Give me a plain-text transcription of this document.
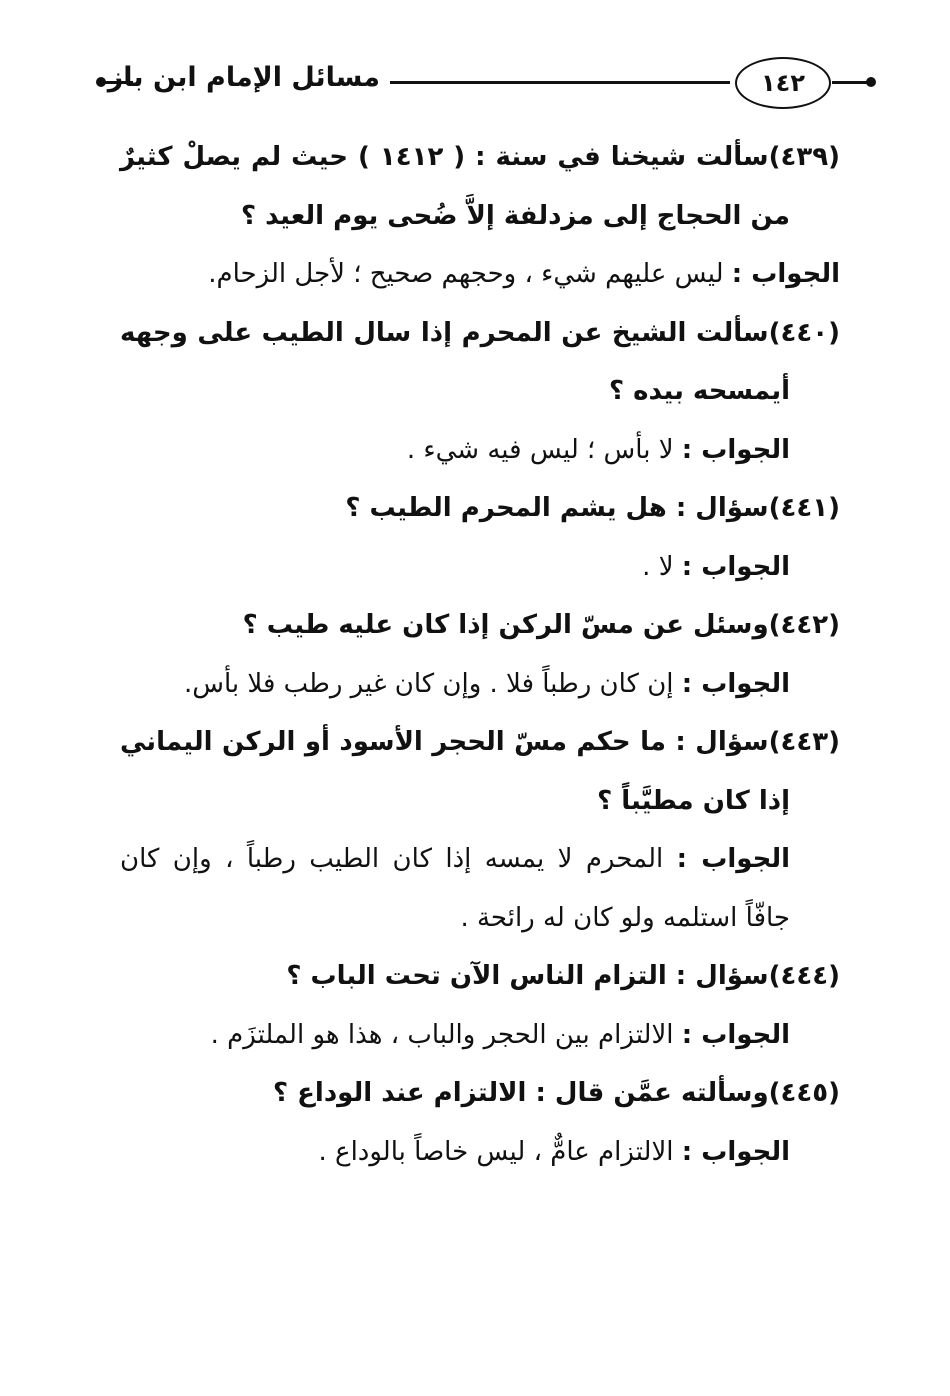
مسائل الإمام ابن باز	١٤٢
(٤٣٩)سألت شيخنا في سنة : ( ١٤١٢ ) حيث لم يصلْ كثيرٌ
من الحجاج إلى مزدلفة إلاَّ ضُحى يوم العيد ؟
الجواب : ليس عليهم شيء ، وحجهم صحيح ؛ لأجل الزحام.
(٤٤٠)سألت الشيخ عن المحرم إذا سال الطيب على وجهه
أيمسحه بيده ؟
الجواب : لا بأس ؛ ليس فيه شيء .
(٤٤١)سؤال : هل يشم المحرم الطيب ؟
الجواب : لا .
(٤٤٢)وسئل عن مسّ الركن إذا كان عليه طيب ؟
الجواب : إن كان رطباً فلا . وإن كان غير رطب فلا بأس.
(٤٤٣)سؤال : ما حكم مسّ الحجر الأسود أو الركن اليماني
إذا كان مطيَّباً ؟
الجواب : المحرم لا يمسه إذا كان الطيب رطباً ، وإن كان
جافّاً استلمه ولو كان له رائحة .
(٤٤٤)سؤال : التزام الناس الآن تحت الباب ؟
الجواب : الالتزام بين الحجر والباب ، هذا هو الملتزَم .
(٤٤٥)وسألته عمَّن قال : الالتزام عند الوداع ؟
الجواب : الالتزام عامٌّ ، ليس خاصاً بالوداع .
